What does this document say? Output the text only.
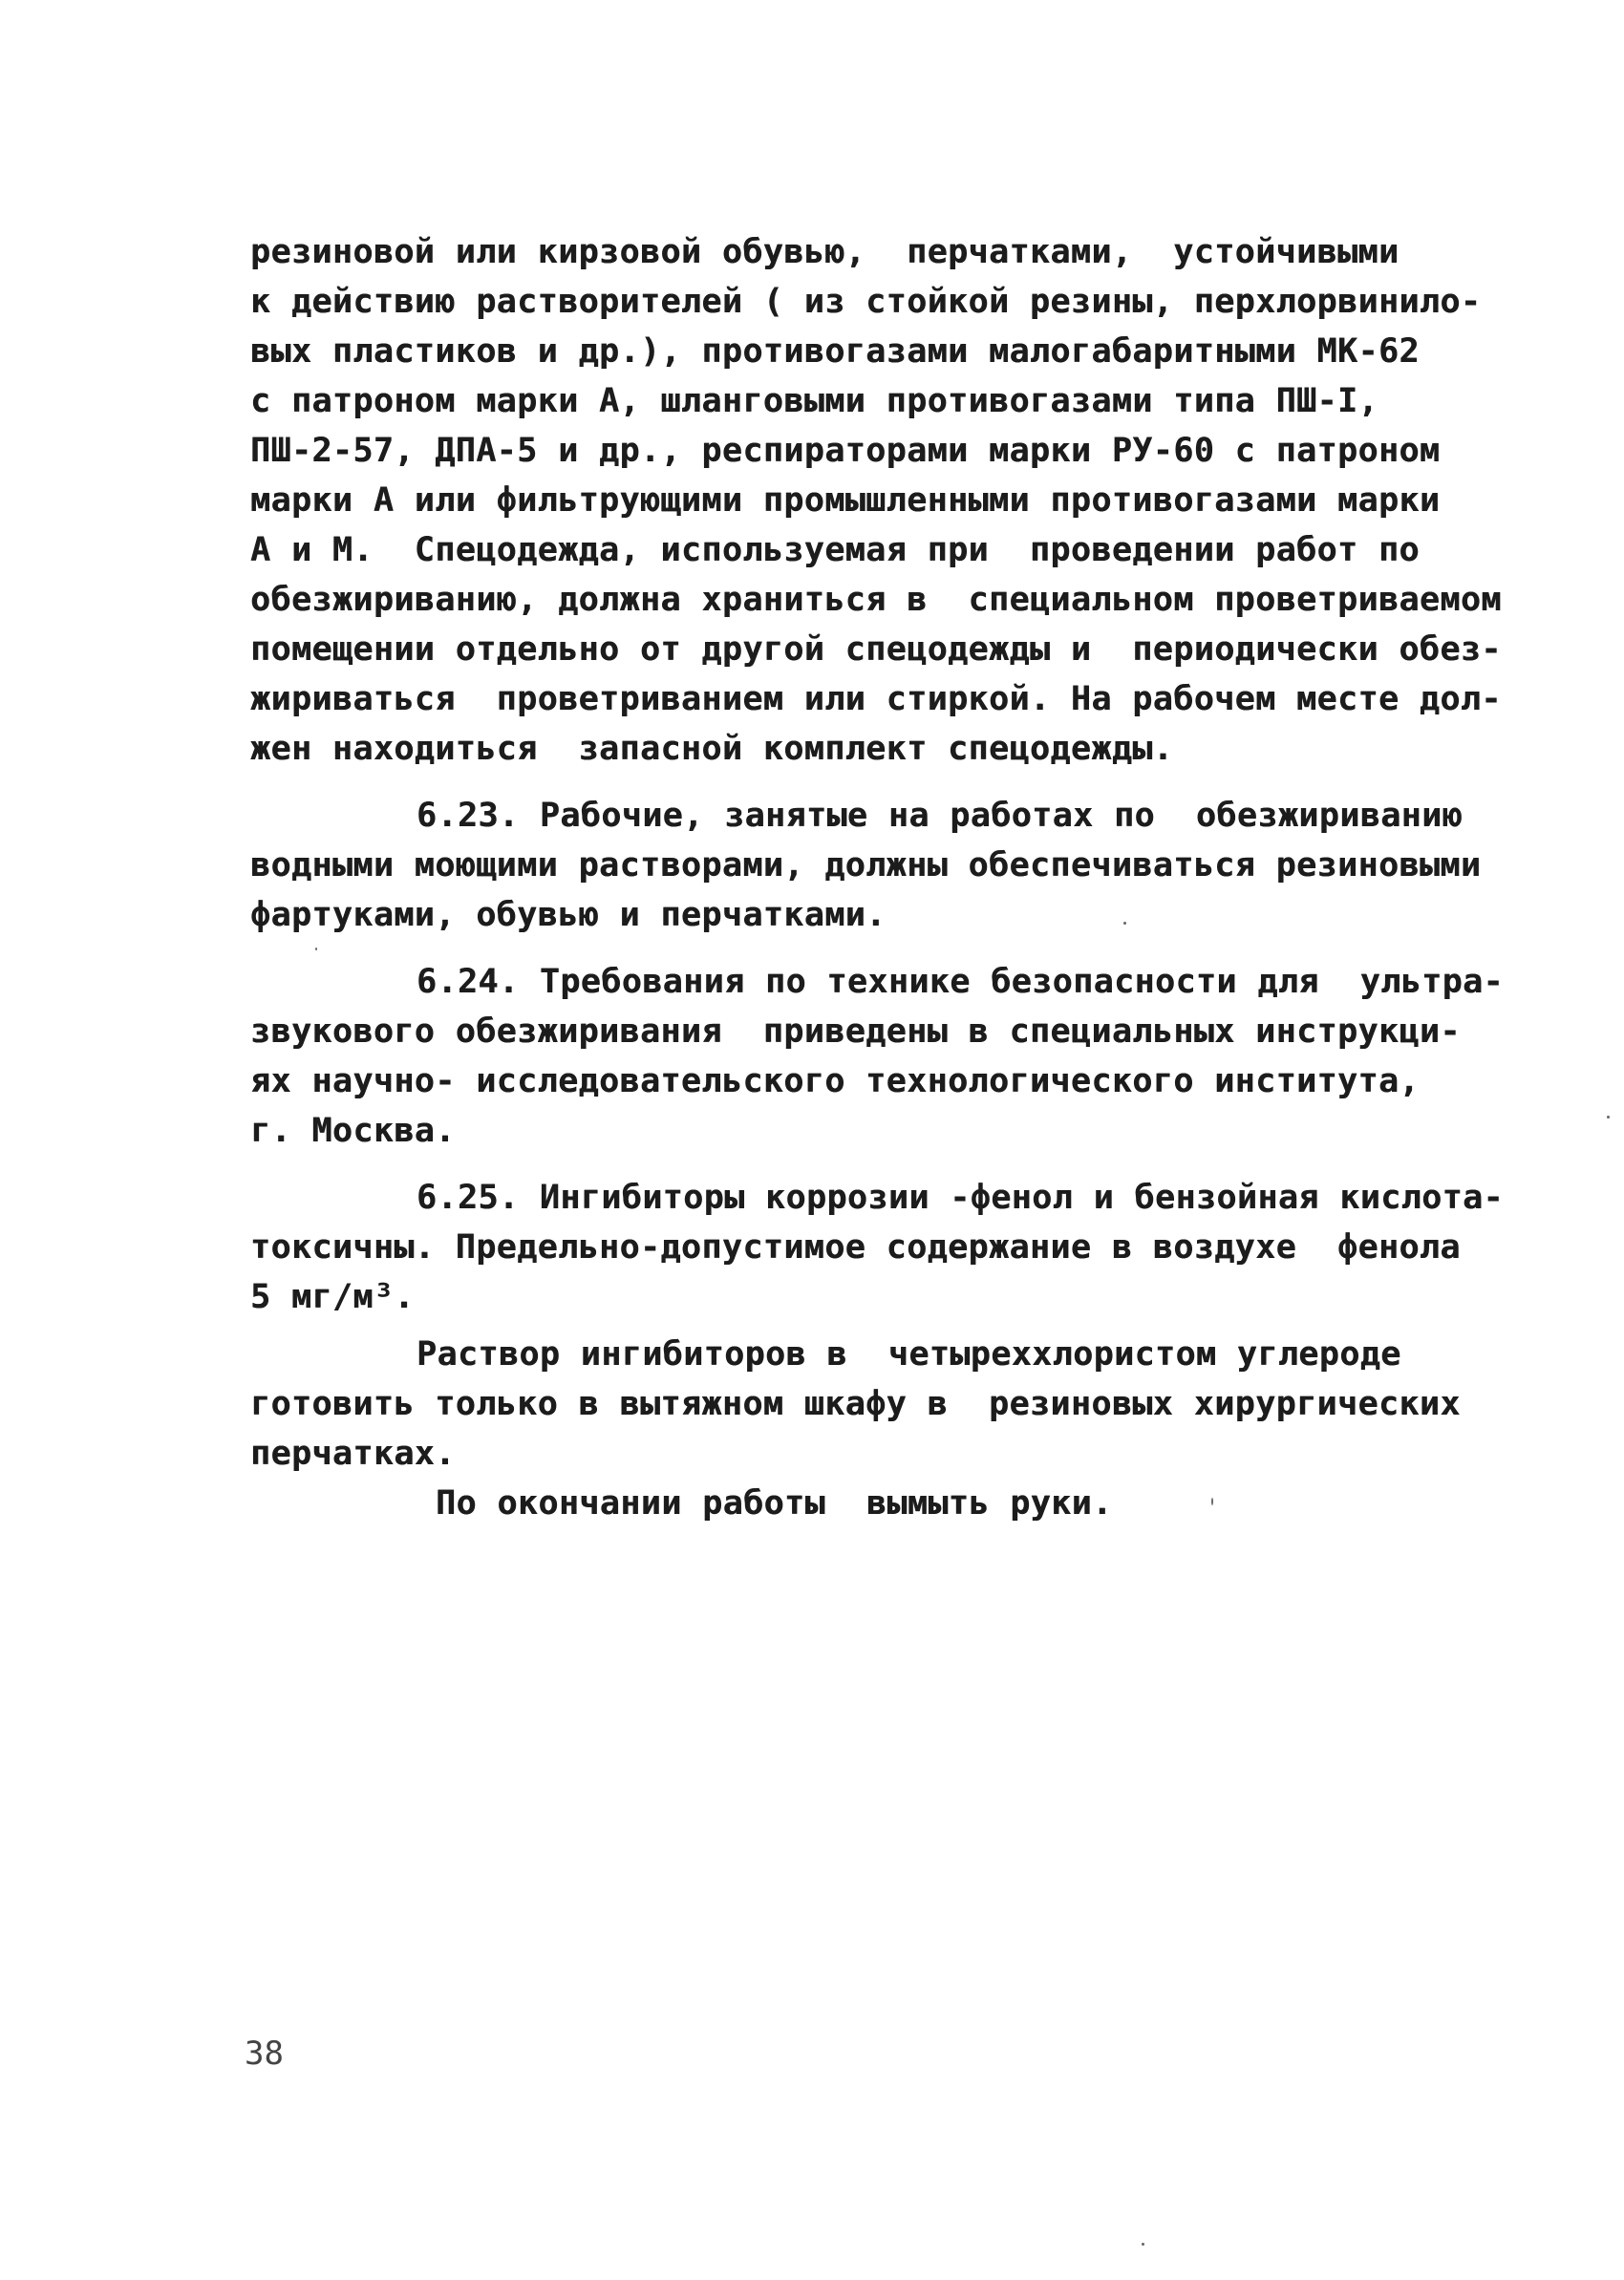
резиновой или кирзовой обувью,  перчатками,  устойчивыми
к действию растворителей ( из стойкой резины, перхлорвинило-
вых пластиков и др.), противогазами малогабаритными МК-62
с патроном марки А, шланговыми противогазами типа ПШ-I,
ПШ-2-57, ДПА-5 и др., респираторами марки РУ-60 с патроном
марки А или фильтрующими промышленными противогазами марки
А и М.  Спецодежда, используемая при  проведении работ по
обезжириванию, должна храниться в  специальном проветриваемом
помещении отдельно от другой спецодежды и  периодически обез-
жириваться  проветриванием или стиркой. На рабочем месте дол-
жен находиться  запасной комплект спецодежды.
6.23. Рабочие, занятые на работах по  обезжириванию
водными моющими растворами, должны обеспечиваться резиновыми
фартуками, обувью и перчатками.
6.24. Требования по технике безопасности для  ультра-
звукового обезжиривания  приведены в специальных инструкци-
ях научно- исследовательского технологического института,
г. Москва.
6.25. Ингибиторы коррозии -фенол и бензойная кислота-
токсичны. Предельно-допустимое содержание в воздухе  фенола
5 мг/м³.
Раствор ингибиторов в  четыреххлористом углероде
готовить только в вытяжном шкафу в  резиновых хирургических
перчатках.
По окончании работы  вымыть руки.
38
